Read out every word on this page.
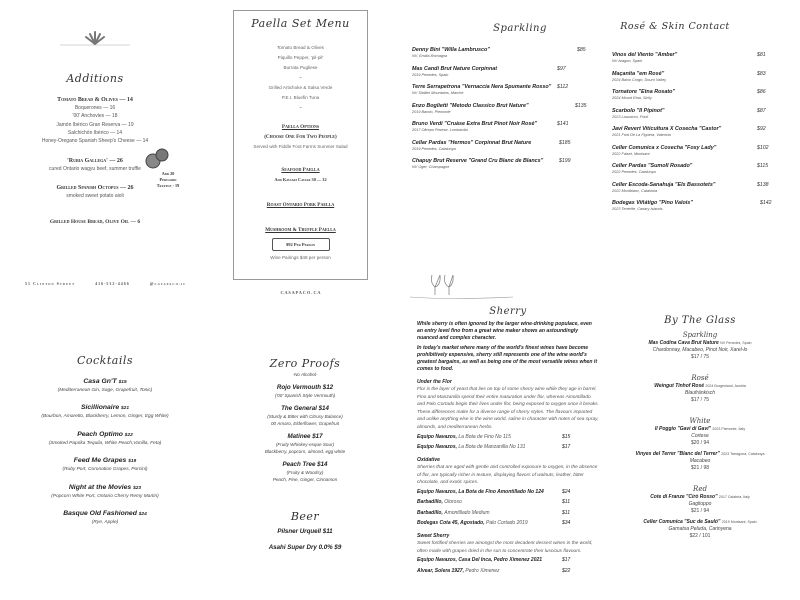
Additions
Tomato Bread & Olives — 14
Boquerones — 16
'00' Anchovies — 18
Jamón Ibérico Gran Reserva — 19
Salchichón Ibérico — 14
Honey-Oregano Spanish Sheep's Cheese — 14
'Rubia Gallega' — 26
cured Ontario wagyu beef, summer truffle
Grilled Spanish Octopus — 26
smoked sweet potato aioli
Grilled House Bread, Olive Oil — 6
Add 20
Perigord
Truffle - 19
51 Clinton Street	416-532-4466	@casapaco.ic
Paella Set Menu
Tomato Bread & Olives
Piquillo Pepper, 'pil-pil'
Burrata Pugliese
~
Grilled Artichoke & Salsa Verde
P.E.I. Bluefin Tuna
~
Paella Options
(Choose One For Two People)
Served with Fiddle Foot Farms Summer Salad
Seafood Paella
Add Kaviari Caviar 30 — 32
Roast Ontario Pork Paella
Mushroom & Truffle Paella
$92 Per Person
Wine Pairings $48 per person
C A S A P A C O . C A
Sparkling
Denny Bini "Willa Lambrusco"
NV, Emilia-Romagna
$85
Mas Candi Brut Nature Corpinnat
2019 Penedes, Spain
$97
Terre Serrapetrona "Vernaccia Nera Spumante Rosso"
NV Sibillini Mountains, Marche
$112
Enzo Boglietti "Metodo Classico Brut Nature"
2019 Barolo, Piemonte
$135
Bruno Verdi "Cruàse Extra Brut Pinot Noir Rosé"
2017 Oltrepo Pavese, Lombardia
$141
Cellar Pardas "Hermos" Corpinnat Brut Nature
2019 Penedes, Catalunya
$185
Chapuy Brut Reserve "Grand Cru Blanc de Blancs"
NV Oger, Champagne
$199
Rosé & Skin Contact
Vinos del Viento "Amber"
NV Aragon, Spain
$81
Maçanita "em Rosé"
2024 Baixo Corgo, Douro Valley
$83
Tornatore "Etna Rosato"
2024 Mount Etna, Sicily
$86
Scarbolo "Il Pipinot"
2023 Lauzacco, Friuli
$87
Javi Revert Viticultura X Cosecha "Castor"
2021 Font De La Figuera, Valencia
$92
Celler Comunica x Cosecha "Foxy Lady"
2022 Falset, Montsant
$102
Celler Pardas "Sumoll Rosado"
2022 Penedes, Catalunya
$115
Celler Escoda-Sanahuja "Els Bassotets"
2022 Montblanc, Catalonia
$138
Bodegas Viñátigo "Pino Valois"
2023 Tenerife, Canary Islands
$142
Sherry

While sherry is often ignored by the larger wine-drinking populace, even an entry level fino from a great wine maker shows an astoundingly nuanced and complex character.

In today's market where many of the world's finest wines have become prohibitively expensive, sherry still represents one of the wine world's greatest bargains, as well as being one of the most versatile wines when it comes to food.

Under the Flor
Flor is the layer of yeast that lies on top of some sherry wine while they age in barrel. Fino and Manzanilla spend their entire maturation under flor, whereas Amontillado and Palo Cortado begin their lives under flor, being exposed to oxygen once it breaks. These differences make for a diverse range of sherry styles. The flavours imparted and unlike anything else in the wine world, saline in character with notes of sea spray, almonds, and mediterranean herbs.
Equipo Navazos, La Bota de Fino No 115	$15
Equipo Navazos, La Bota de Manzanilla No 131	$17
Oxidative
Sherries that are aged with gentle and controlled exposure to oxygen, in the absence of flor, are typically richer in texture, displaying flavors of walnuts, leather, bitter chocolate, and exotic spices.
Equipo Navazos, La Bota de Fino Amontillado No 124	$24
Barbadillo, Oloroso	$11
Barbadillo, Amontillado Medium	$11
Bodegas Cota 45, Agostado, Palo Cortado 2019	$34
Sweet Sherry
Sweet fortified sherries are amongst the most decadent dessert wines in the world, often made with grapes dried in the sun to concentrate their luscious flavours.
Equipo Navazos, Casa Del Inca, Pedro Ximenez 2021	$17
Alvear, Solera 1927, Pedro Ximenez	$22
By The Glass
Sparkling
Mas Codina Cava Brut Nature NV Penedes, Spain
Chardonnay, Macabeo, Pinot Noir, Xarel-lo
$17 / 75
Rosé
Weingut Tinhof Rosé 2024 Burgenland, Austria
Blaufränkisch
$17 / 75
White
Il Poggio "Gavi di Gavi" 2023 Piemonte, Italy
Cortese
$20 / 94
Vinyes del Terrer "Blanc del Terrer" 2023 Tarragona, Catalunya
Macabeo
$21 / 98
Red
Cote di Franze "Cirò Rosso" 2017 Calabria, Italy
Gaglioppo
$21 / 94
Celler Comunica "Suc de Sauló" 2019 Montsant, Spain
Garnatxa Peluda, Carinyena
$22 / 101
Cocktails
Casa Gn'T $15
(Mediterranean Gin, Sage, Grapefruit, Tonic)
Sicillionaire $21
(Bourbon, Amaretto, Blackberry, Lemon, Ginger, Egg White)
Peach Optimo $22
(Smoked Paprika Tequila, White Peach,Vanilla, Feta)
Feed Me Grapes $19
(Ruby Port, Coronation Grapes, Porcini)
Night at the Movies $23
(Popcorn White Port, Ontario Cherry Remy Martin)
Basque Old Fashioned $24
(Rye, Apple)
Zero Proofs
-No Alcohol-
Rojo Vermouth $12
('00' Spanish Style Vermouth)
The General $14
(Sturdy & Bitter with Citrusy Balance)
00 Amaro, Elderflower, Grapefruit
Matinee $17
(Fruity Whiskey-esque Sour)
Blackberry, popcorn, almond, egg white
Peach Tree $14
(Fruity & Woodsy)
Peach, Pine, Ginger, Cinnamon
Beer
Pilsner Urquell $11
Asahi Super Dry 0.0% $9
